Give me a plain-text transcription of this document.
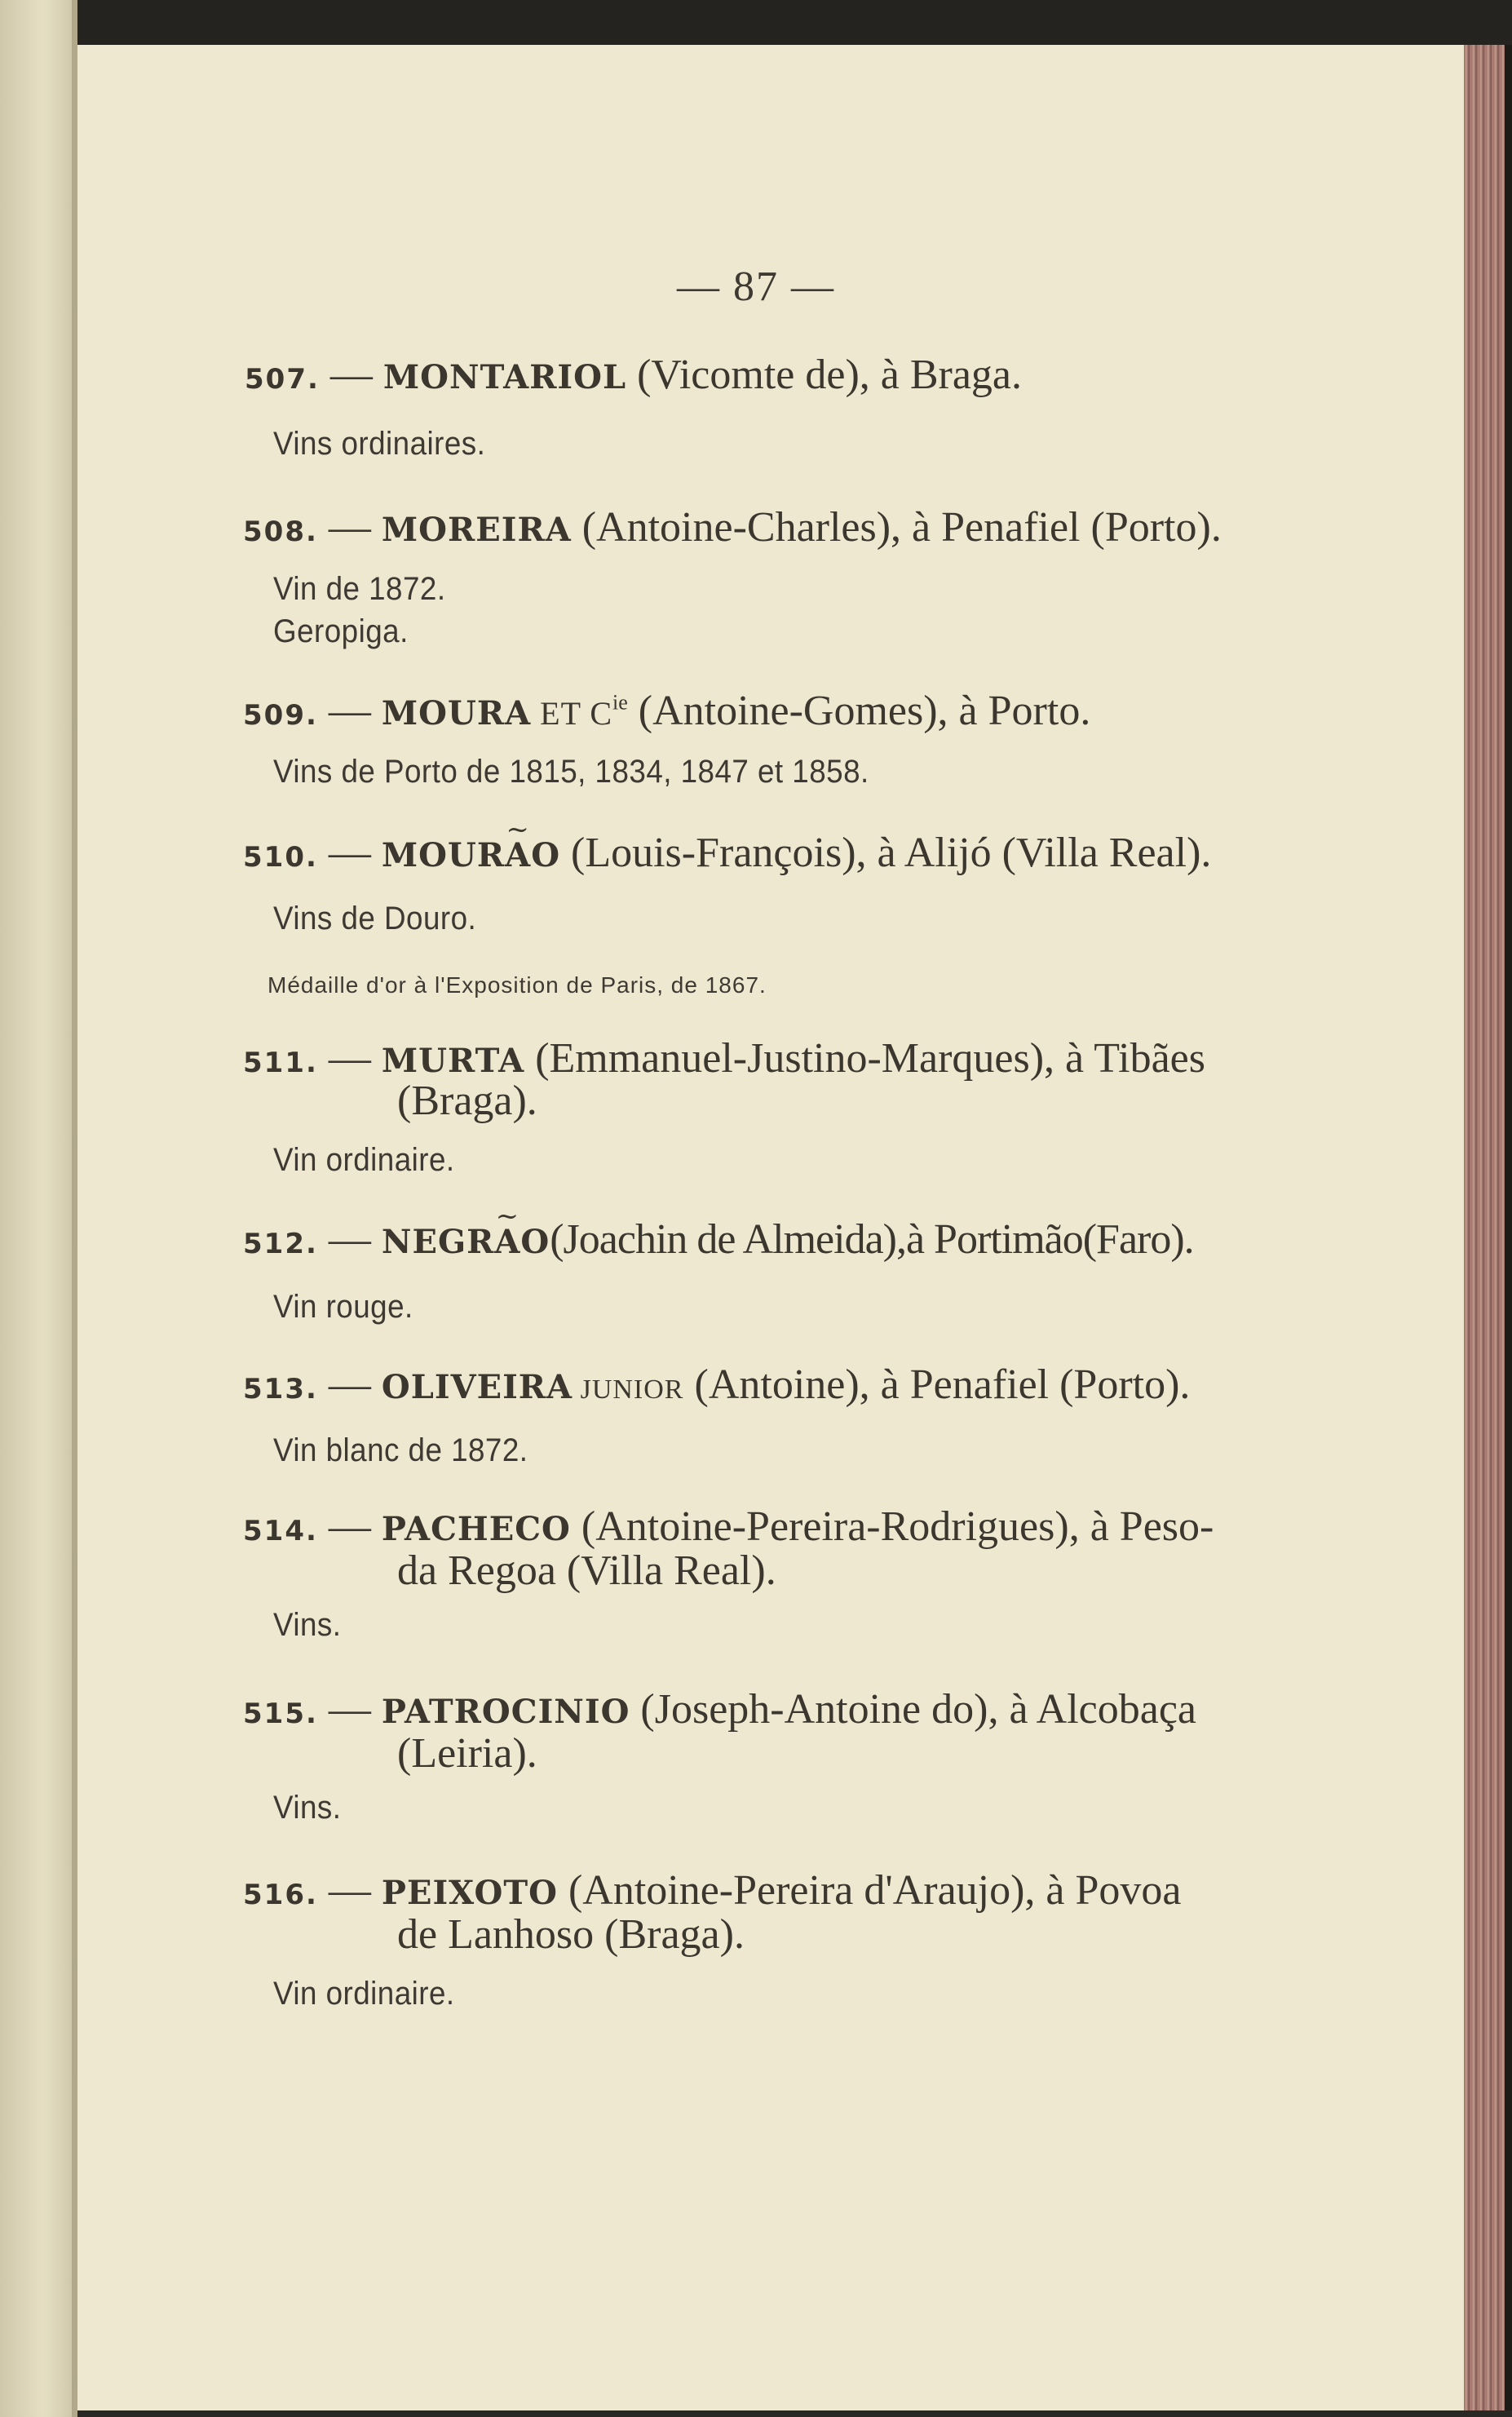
— 87 —
507. — MONTARIOL (Vicomte de), à Braga.
Vins ordinaires.
508. — MOREIRA (Antoine-Charles), à Penafiel (Porto).
Vin de 1872.
Geropiga.
509. — MOURA ET $C^{ie}$ (Antoine-Gomes), à Porto.
Vins de Porto de 1815, 1834, 1847 et 1858.
510. — MOUR~ AO (Louis-François), à Alijó (Villa Real).
Vins de Douro.
Médaille d'or à l'Exposition de Paris, de 1867.
511. — MURTA (Emmanuel-Justino-Marques), à Tibães
(Braga).
Vin ordinaire.
512. — NEGR~ AO(Joachin de Almeida),à Portimão(Faro).
Vin rouge.
513. — OLIVEIRA JUNIOR (Antoine), à Penafiel (Porto).
Vin blanc de 1872.
514. — PACHECO (Antoine-Pereira-Rodrigues), à Peso-
da Regoa (Villa Real).
Vins.
515. — PATROCINIO (Joseph-Antoine do), à Alcobaça
(Leiria).
Vins.
516. — PEIXOTO (Antoine-Pereira d'Araujo), à Povoa
de Lanhoso (Braga).
Vin ordinaire.
